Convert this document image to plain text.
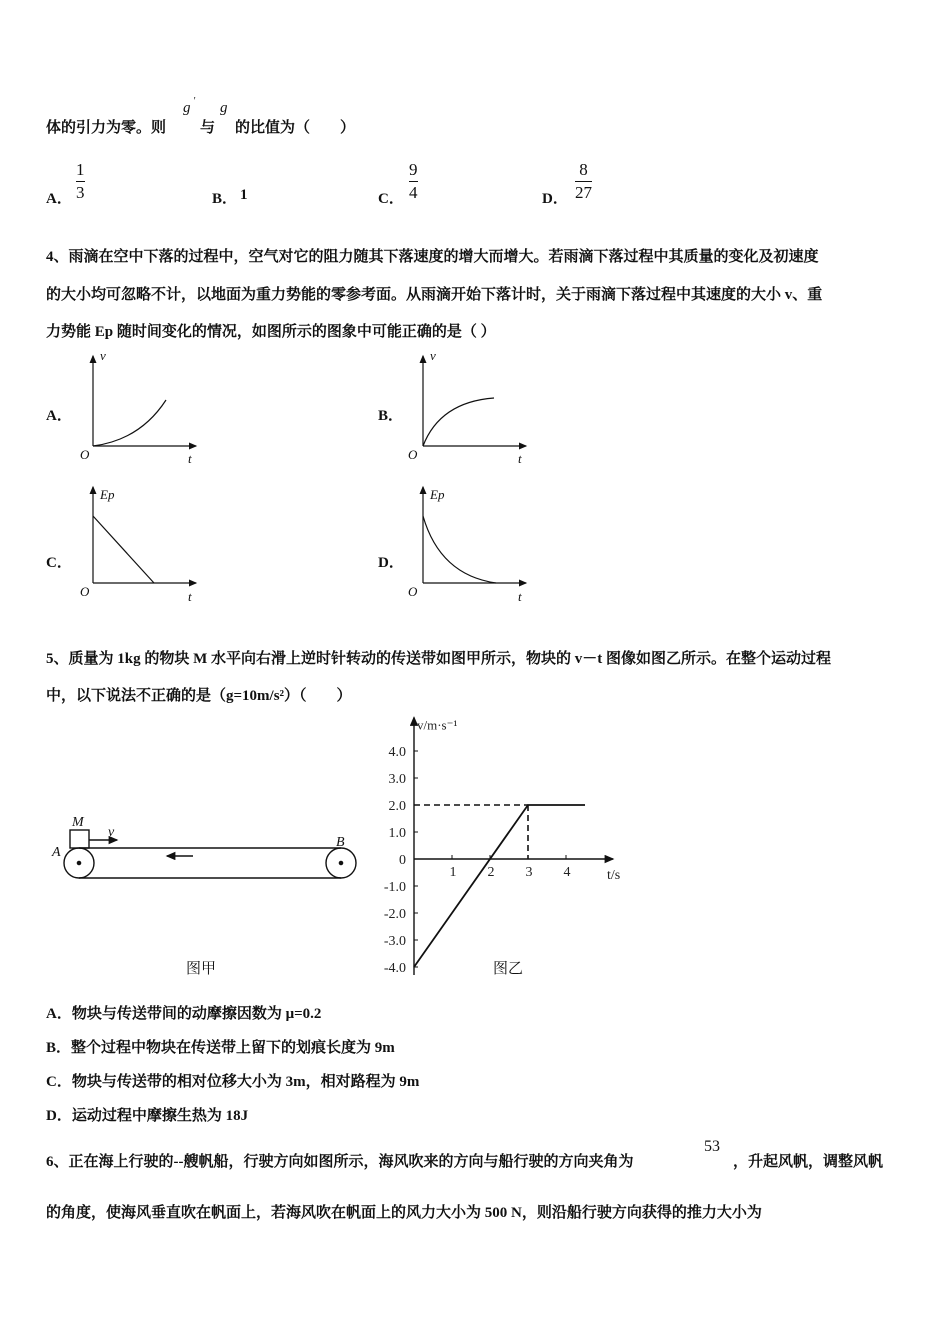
体的引力为零。则
g ′
与
g
的比值为（　　）
A．
1
3	B． 1	C．
9
4	D．
8
27
4、雨滴在空中下落的过程中，空气对它的阻力随其下落速度的增大而增大。若雨滴下落过程中其质量的变化及初速度
的大小均可忽略不计，以地面为重力势能的零参考面。从雨滴开始下落计时，关于雨滴下落过程中其速度的大小 v、重
力势能 Ep 随时间变化的情况，如图所示的图象中可能正确的是（ ）
A．	B．
C．	D．
v
O	t
v
O	t
Ep
O	t
Ep
O	t
M
v
A
B
4.0
3.0
2.0
1.0
0
-1.0
-2.0
-3.0
-4.0
1 2 3 4
v/m·s⁻¹
t/s
图甲	图乙
5、质量为 1kg 的物块 M 水平向右滑上逆时针转动的传送带如图甲所示，物块的 v－t 图像如图乙所示。在整个运动过程
中，以下说法不正确的是（g=10m/s²）（　　）
A．物块与传送带间的动摩擦因数为 μ=0.2
B．整个过程中物块在传送带上留下的划痕长度为 9m
C．物块与传送带的相对位移大小为 3m，相对路程为 9m
D．运动过程中摩擦生热为 18J
6、正在海上行驶的--艘帆船，行驶方向如图所示，海风吹来的方向与船行驶的方向夹角为
53
，升起风帆，调整风帆
的角度，使海风垂直吹在帆面上，若海风吹在帆面上的风力大小为 500 N，则沿船行驶方向获得的推力大小为
